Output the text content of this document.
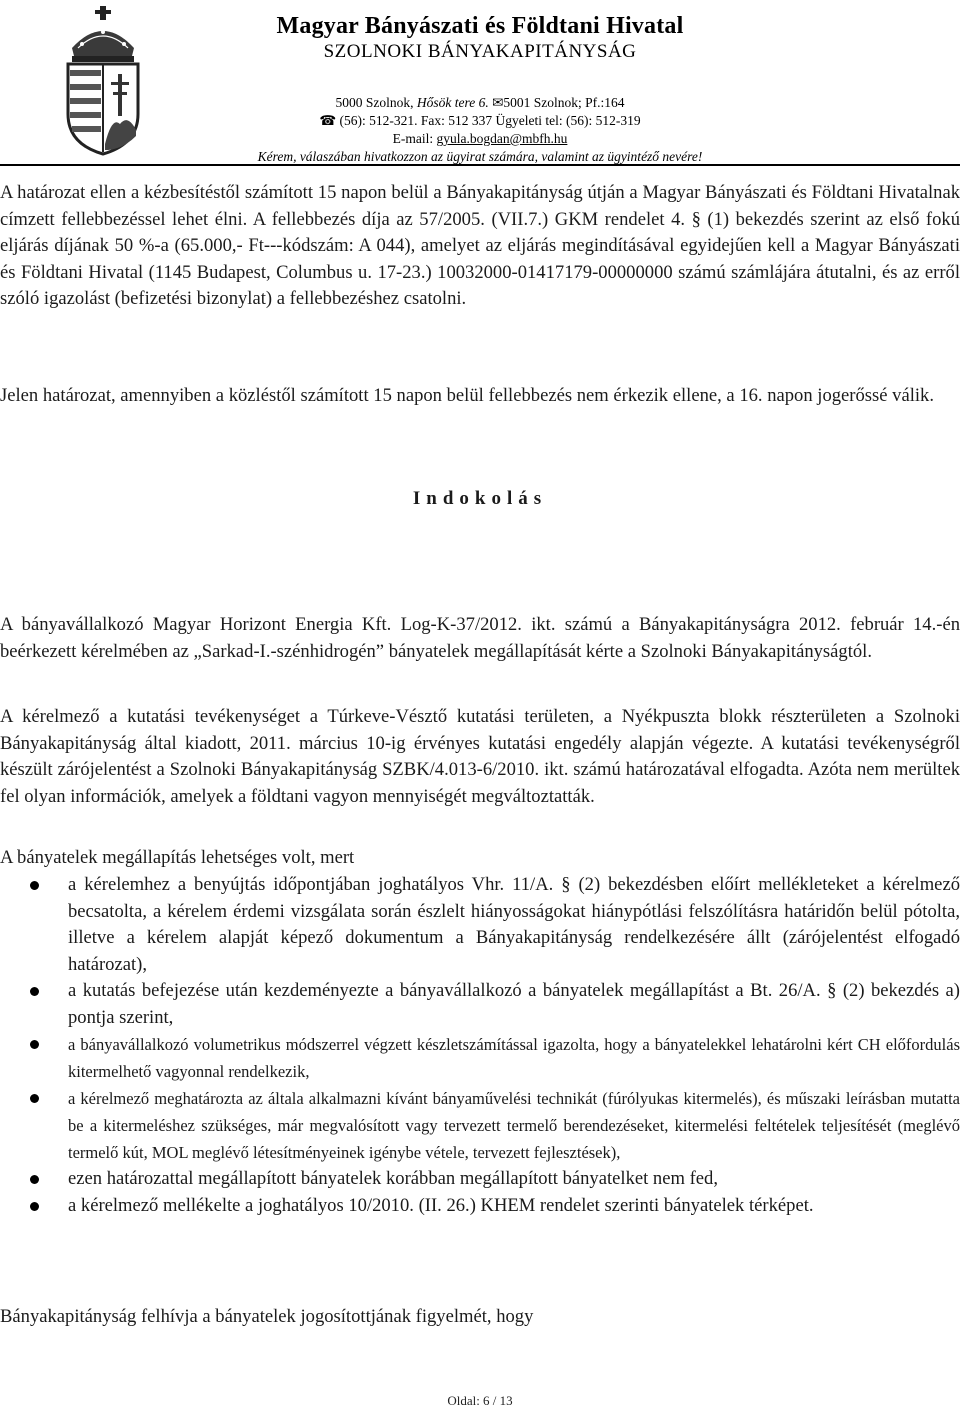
Magyar Bányászati és Földtani Hivatal
SZOLNOKI BÁNYAKAPITÁNYSÁG
5000 Szolnok, Hősök tere 6. ✉5001 Szolnok; Pf.:164
☎ (56): 512-321. Fax: 512 337 Ügyeleti tel: (56): 512-319
E-mail: gyula.bogdan@mbfh.hu
Kérem, válaszában hivatkozzon az ügyirat számára, valamint az ügyintéző nevére!
A határozat ellen a kézbesítéstől számított 15 napon belül a Bányakapitányság útján a Magyar Bányászati és Földtani Hivatalnak címzett fellebbezéssel lehet élni. A fellebbezés díja az 57/2005. (VII.7.) GKM rendelet 4. § (1) bekezdés szerint az első fokú eljárás díjának 50 %-a (65.000,- Ft---kódszám: A 044), amelyet az eljárás megindításával egyidejűen kell a Magyar Bányászati és Földtani Hivatal (1145 Budapest, Columbus u. 17-23.) 10032000-01417179-00000000 számú számlájára átutalni, és az erről szóló igazolást (befizetési bizonylat) a fellebbezéshez csatolni.
Jelen határozat, amennyiben a közléstől számított 15 napon belül fellebbezés nem érkezik ellene, a 16. napon jogerőssé válik.
Indokolás
A bányavállalkozó Magyar Horizont Energia Kft. Log-K-37/2012. ikt. számú a Bányakapitányságra 2012. február 14.-én beérkezett kérelmében az „Sarkad-I.-szénhidrogén” bányatelek megállapítását kérte a Szolnoki Bányakapitányságtól.
A kérelmező a kutatási tevékenységet a Túrkeve-Vésztő kutatási területen, a Nyékpuszta blokk részterületen a Szolnoki Bányakapitányság által kiadott, 2011. március 10-ig érvényes kutatási engedély alapján végezte. A kutatási tevékenységről készült zárójelentést a Szolnoki Bányakapitányság SZBK/4.013-6/2010. ikt. számú határozatával elfogadta. Azóta nem merültek fel olyan információk, amelyek a földtani vagyon mennyiségét megváltoztatták.
A bányatelek megállapítás lehetséges volt, mert
a kérelemhez a benyújtás időpontjában joghatályos Vhr. 11/A. § (2) bekezdésben előírt mellékleteket a kérelmező becsatolta, a kérelem érdemi vizsgálata során észlelt hiányosságokat hiánypótlási felszólításra határidőn belül pótolta, illetve a kérelem alapját képező dokumentum a Bányakapitányság rendelkezésére állt (zárójelentést elfogadó határozat),
a kutatás befejezése után kezdeményezte a bányavállalkozó a bányatelek megállapítást a Bt. 26/A. § (2) bekezdés a) pontja szerint,
a bányavállalkozó volumetrikus módszerrel végzett készletszámítással igazolta, hogy a bányatelekkel lehatárolni kért CH előfordulás kitermelhető vagyonnal rendelkezik,
a kérelmező meghatározta az általa alkalmazni kívánt bányaművelési technikát (fúrólyukas kitermelés), és műszaki leírásban mutatta be a kitermeléshez szükséges, már megvalósított vagy tervezett termelő berendezéseket, kitermelési feltételek teljesítését (meglévő termelő kút, MOL meglévő létesítményeinek igénybe vétele, tervezett fejlesztések),
ezen határozattal megállapított bányatelek korábban megállapított bányatelket nem fed,
a kérelmező mellékelte a joghatályos 10/2010. (II. 26.) KHEM rendelet szerinti bányatelek térképet.
Bányakapitányság felhívja a bányatelek jogosítottjának figyelmét, hogy
Oldal: 6 / 13
